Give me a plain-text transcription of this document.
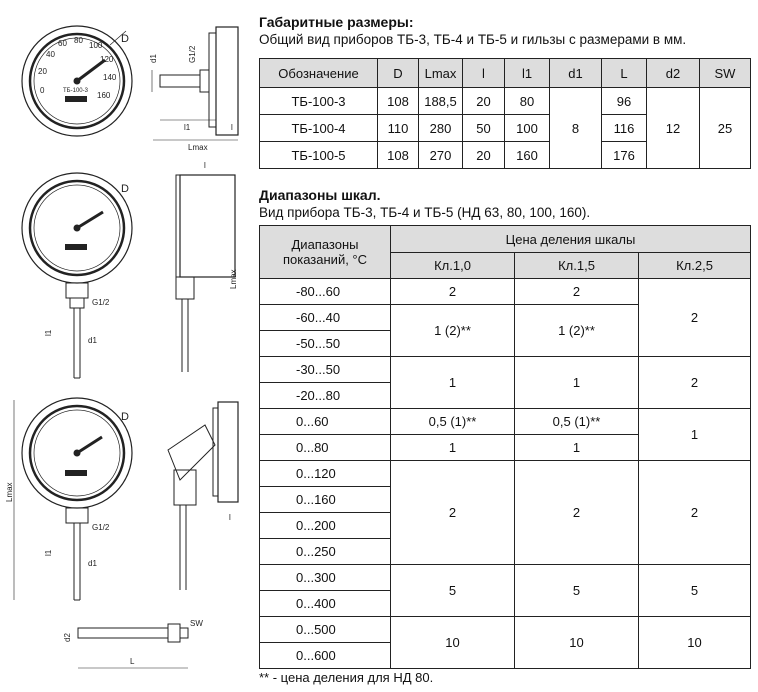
0
20
40
60 80
100
120
140
160
ТБ-100-3
D
d1	G1/2
l1	l
Lmax
G1/2
d1
l1
D
l
Lmax
Lmax
G1/2
d1
l1
D
l
d2
SW
L
Габаритные размеры:
Общий вид приборов ТБ-3, ТБ-4 и ТБ-5 и гильзы с размерами в мм.
Обозначение	D	Lmax	l	l1	d1	L	d2	SW
ТБ-100-3	108	188,5	20	80	8	96	12	25
ТБ-100-4	110	280	50	100		116		
ТБ-100-5	108	270	20	160		176		
Диапазоны шкал.
Вид прибора ТБ-3, ТБ-4 и ТБ-5 (НД 63, 80, 100, 160).
Диапазоны показаний, °С	Цена деления шкалы		
	Кл.1,0	Кл.1,5	Кл.2,5
-80...60	2	2	2
-60...40	1 (2)**	1 (2)**	
-50...50			
-30...50	1	1	2
-20...80			
0...60	0,5 (1)**	0,5 (1)**	1
0...80	1	1	
0...120	2	2	2
0...160			
0...200			
0...250			
0...300	5	5	5
0...400			
0...500	10	10	10
0...600			
** - цена деления для НД 80.
